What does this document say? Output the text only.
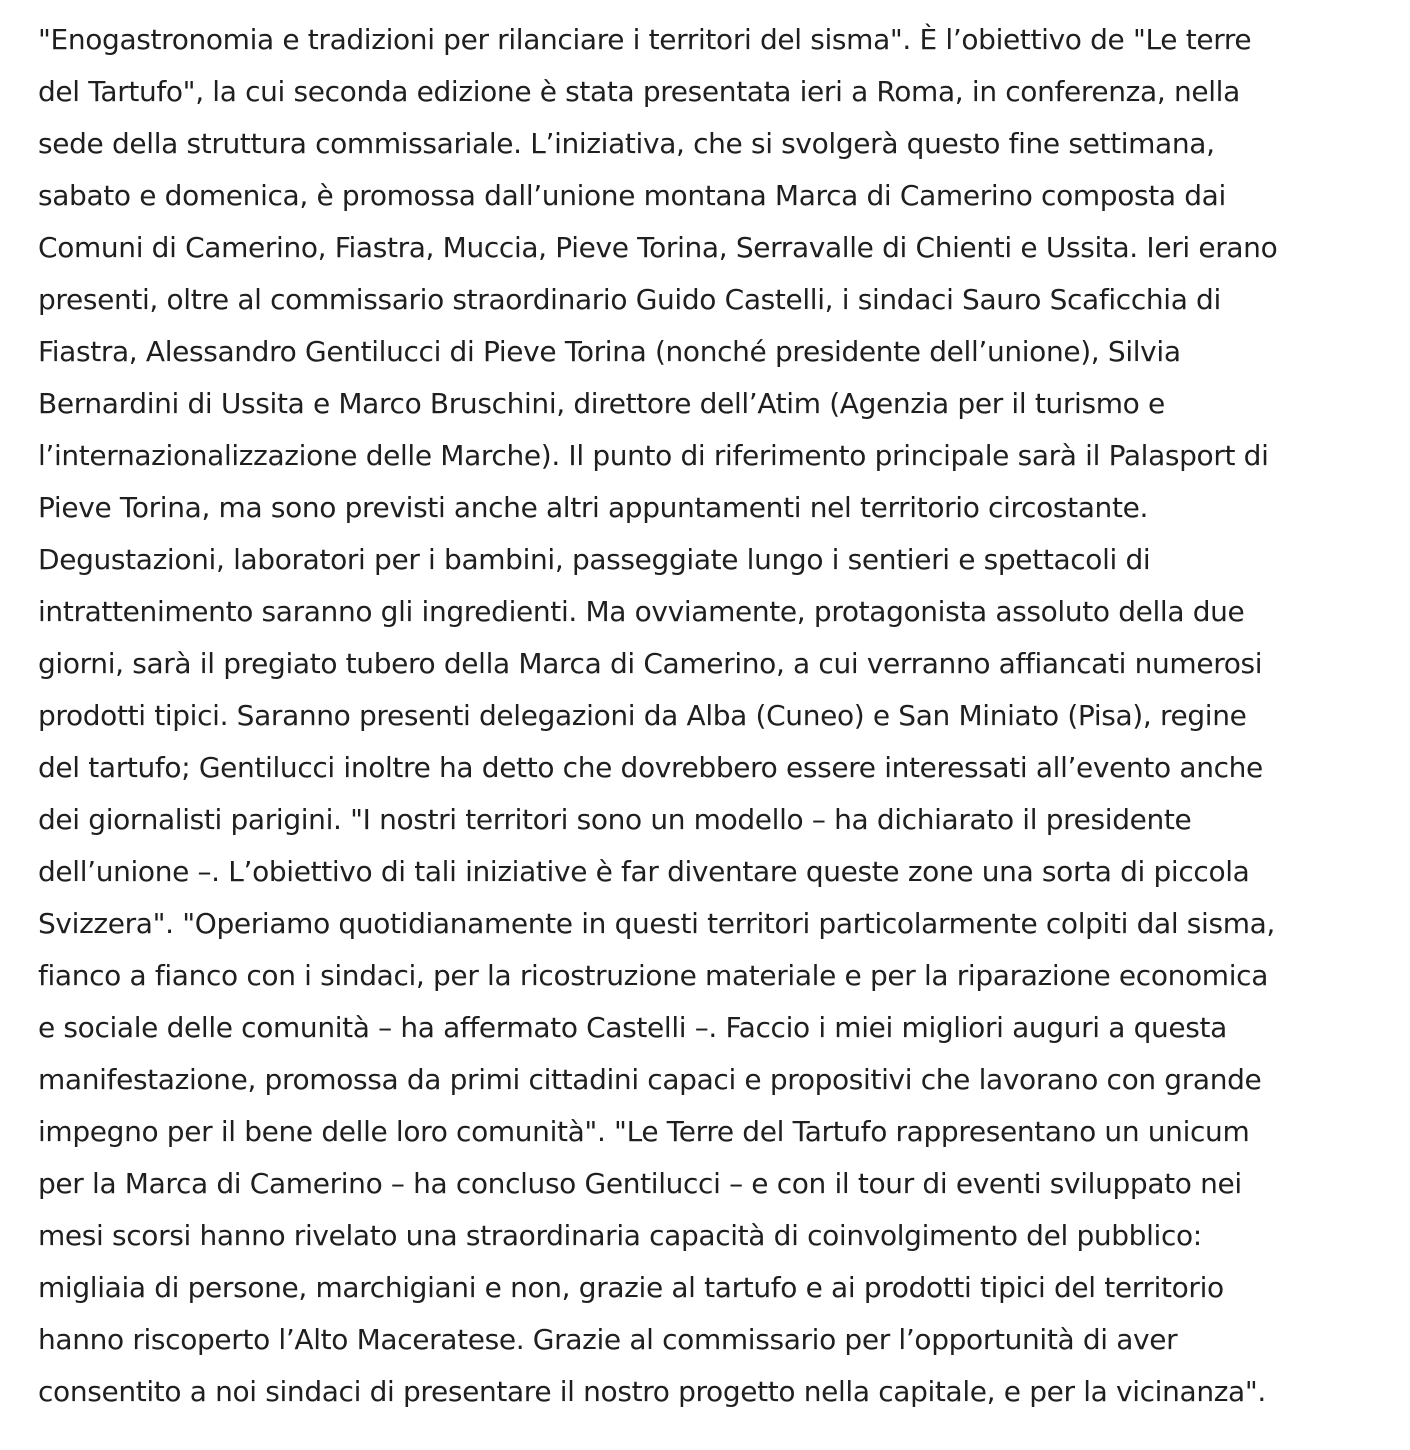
"Enogastronomia e tradizioni per rilanciare i territori del sisma". È l’obiettivo de "Le terre
del Tartufo", la cui seconda edizione è stata presentata ieri a Roma, in conferenza, nella
sede della struttura commissariale. L’iniziativa, che si svolgerà questo fine settimana,
sabato e domenica, è promossa dall’unione montana Marca di Camerino composta dai
Comuni di Camerino, Fiastra, Muccia, Pieve Torina, Serravalle di Chienti e Ussita. Ieri erano
presenti, oltre al commissario straordinario Guido Castelli, i sindaci Sauro Scaficchia di
Fiastra, Alessandro Gentilucci di Pieve Torina (nonché presidente dell’unione), Silvia
Bernardini di Ussita e Marco Bruschini, direttore dell’Atim (Agenzia per il turismo e
l’internazionalizzazione delle Marche). Il punto di riferimento principale sarà il Palasport di
Pieve Torina, ma sono previsti anche altri appuntamenti nel territorio circostante.
Degustazioni, laboratori per i bambini, passeggiate lungo i sentieri e spettacoli di
intrattenimento saranno gli ingredienti. Ma ovviamente, protagonista assoluto della due
giorni, sarà il pregiato tubero della Marca di Camerino, a cui verranno affiancati numerosi
prodotti tipici. Saranno presenti delegazioni da Alba (Cuneo) e San Miniato (Pisa), regine
del tartufo; Gentilucci inoltre ha detto che dovrebbero essere interessati all’evento anche
dei giornalisti parigini. "I nostri territori sono un modello – ha dichiarato il presidente
dell’unione –. L’obiettivo di tali iniziative è far diventare queste zone una sorta di piccola
Svizzera". "Operiamo quotidianamente in questi territori particolarmente colpiti dal sisma,
fianco a fianco con i sindaci, per la ricostruzione materiale e per la riparazione economica
e sociale delle comunità – ha affermato Castelli –. Faccio i miei migliori auguri a questa
manifestazione, promossa da primi cittadini capaci e propositivi che lavorano con grande
impegno per il bene delle loro comunità". "Le Terre del Tartufo rappresentano un unicum
per la Marca di Camerino – ha concluso Gentilucci – e con il tour di eventi sviluppato nei
mesi scorsi hanno rivelato una straordinaria capacità di coinvolgimento del pubblico:
migliaia di persone, marchigiani e non, grazie al tartufo e ai prodotti tipici del territorio
hanno riscoperto l’Alto Maceratese. Grazie al commissario per l’opportunità di aver
consentito a noi sindaci di presentare il nostro progetto nella capitale, e per la vicinanza".
